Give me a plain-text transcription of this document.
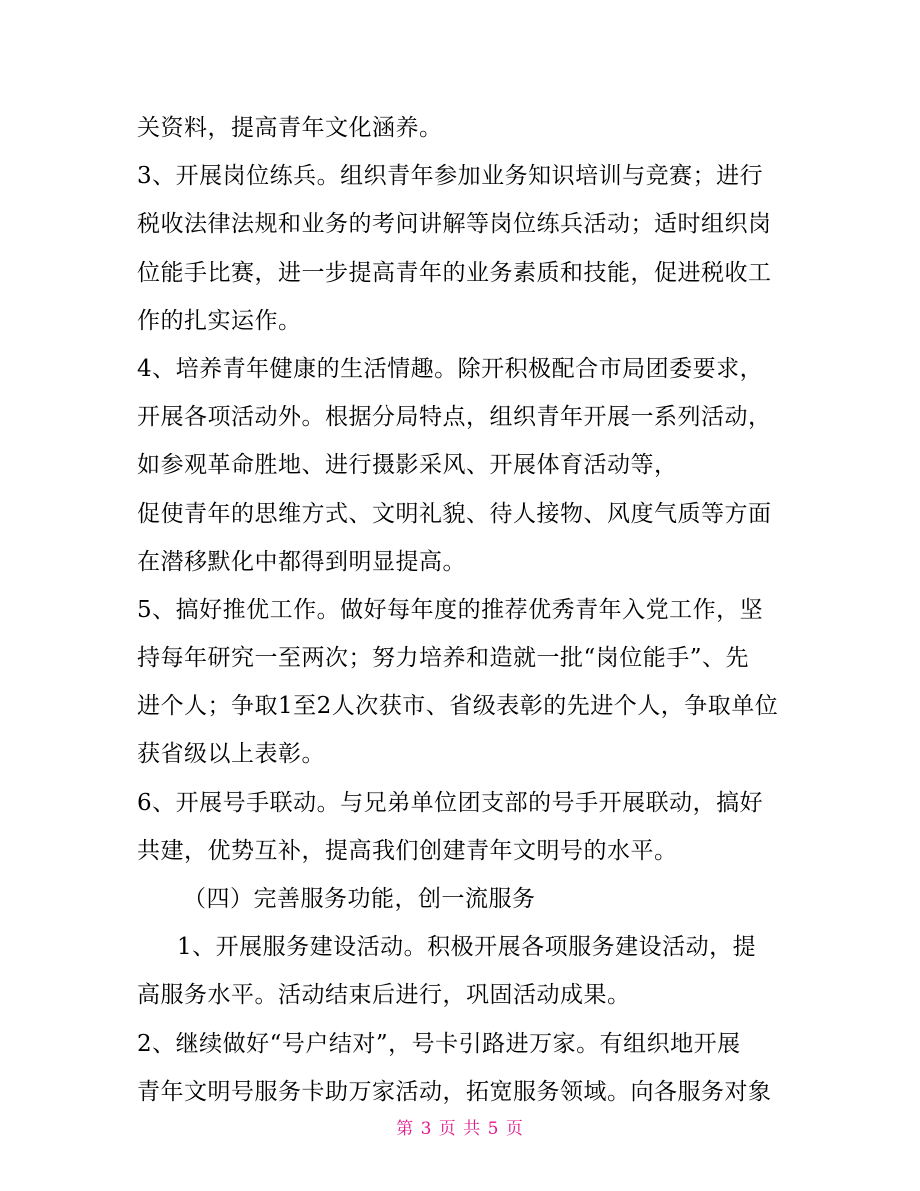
关资料，提高青年文化涵养。
3、开展岗位练兵。组织青年参加业务知识培训与竞赛；进行
税收法律法规和业务的考问讲解等岗位练兵活动；适时组织岗
位能手比赛，进一步提高青年的业务素质和技能，促进税收工
作的扎实运作。
4、培养青年健康的生活情趣。除开积极配合市局团委要求，
开展各项活动外。根据分局特点，组织青年开展一系列活动，
如参观革命胜地、进行摄影采风、开展体育活动等，
促使青年的思维方式、文明礼貌、待人接物、风度气质等方面
在潜移默化中都得到明显提高。
5、搞好推优工作。做好每年度的推荐优秀青年入党工作，坚
持每年研究一至两次；努力培养和造就一批“岗位能手”、先
进个人；争取1至2人次获市、省级表彰的先进个人，争取单位
获省级以上表彰。
6、开展号手联动。与兄弟单位团支部的号手开展联动，搞好
共建，优势互补，提高我们创建青年文明号的水平。
（四）完善服务功能，创一流服务
1、开展服务建设活动。积极开展各项服务建设活动，提
高服务水平。活动结束后进行，巩固活动成果。
2、继续做好“号户结对”，号卡引路进万家。有组织地开展
青年文明号服务卡助万家活动，拓宽服务领域。向各服务对象
第 3 页 共 5 页
